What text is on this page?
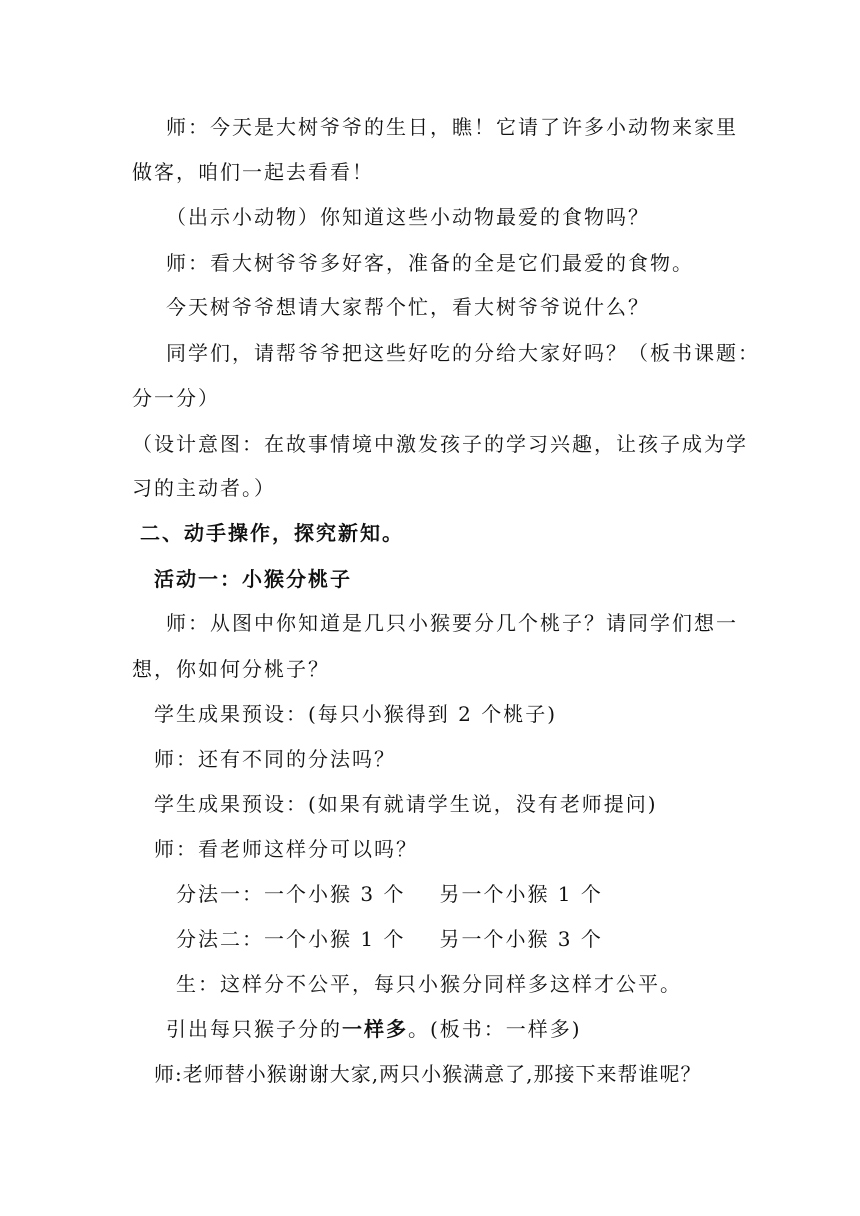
师：今天是大树爷爷的生日，瞧！它请了许多小动物来家里
做客，咱们一起去看看！
（出示小动物）你知道这些小动物最爱的食物吗？
师：看大树爷爷多好客，准备的全是它们最爱的食物。
今天树爷爷想请大家帮个忙，看大树爷爷说什么？
同学们，请帮爷爷把这些好吃的分给大家好吗？（板书课题：
分一分）
（设计意图：在故事情境中激发孩子的学习兴趣，让孩子成为学
习的主动者。）
二、动手操作，探究新知。
活动一：小猴分桃子
师：从图中你知道是几只小猴要分几个桃子？请同学们想一
想，你如何分桃子？
学生成果预设：(每只小猴得到 2 个桃子)
师：还有不同的分法吗？
学生成果预设：(如果有就请学生说，没有老师提问)
师：看老师这样分可以吗？
分法一：一个小猴 3 个 另一个小猴 1 个
分法二：一个小猴 1 个 另一个小猴 3 个
生：这样分不公平，每只小猴分同样多这样才公平。
引出每只猴子分的一样多。(板书：一样多)
师:老师替小猴谢谢大家,两只小猴满意了,那接下来帮谁呢？
